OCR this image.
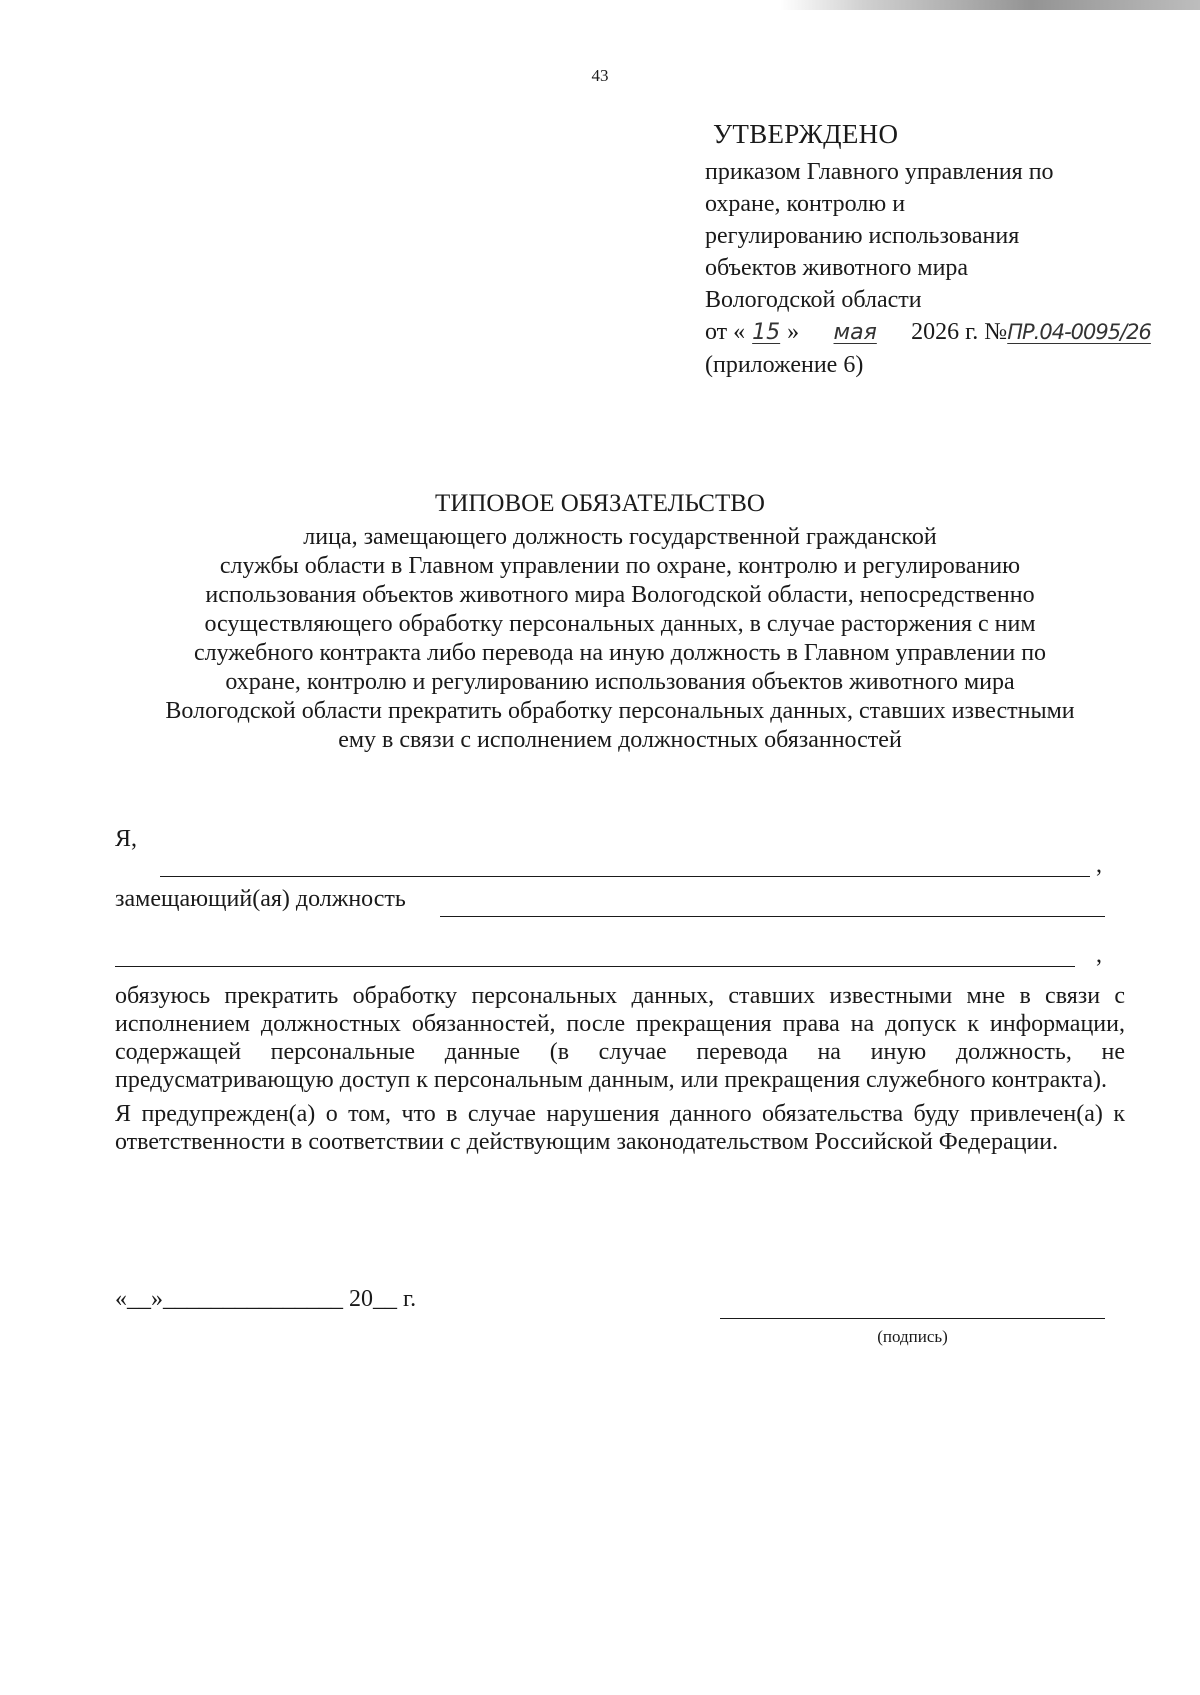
43
УТВЕРЖДЕНО
приказом Главного управления по
охране, контролю и
регулированию использования
объектов животного мира
Вологодской области
от « 15 » мая 2026 г. №ПР.04-0095/26
(приложение 6)
ТИПОВОЕ ОБЯЗАТЕЛЬСТВО
лица, замещающего должность государственной гражданской
службы области в Главном управлении по охране, контролю и регулированию
использования объектов животного мира Вологодской области, непосредственно
осуществляющего обработку персональных данных, в случае расторжения с ним
служебного контракта либо перевода на иную должность в Главном управлении по
охране, контролю и регулированию использования объектов животного мира
Вологодской области прекратить обработку персональных данных, ставших известными
ему в связи с исполнением должностных обязанностей
Я,
,
замещающий(ая) должность
,

обязуюсь прекратить обработку персональных данных, ставших известными мне в связи с исполнением должностных обязанностей, после прекращения права на допуск к информации, содержащей персональные данные (в случае перевода на иную должность, не предусматривающую доступ к персональным данным, или прекращения служебного контракта).

Я предупрежден(а) о том, что в случае нарушения данного обязательства буду привлечен(а) к ответственности в соответствии с действующим законодательством Российской Федерации.

«__»_______________ 20__ г.
(подпись)
